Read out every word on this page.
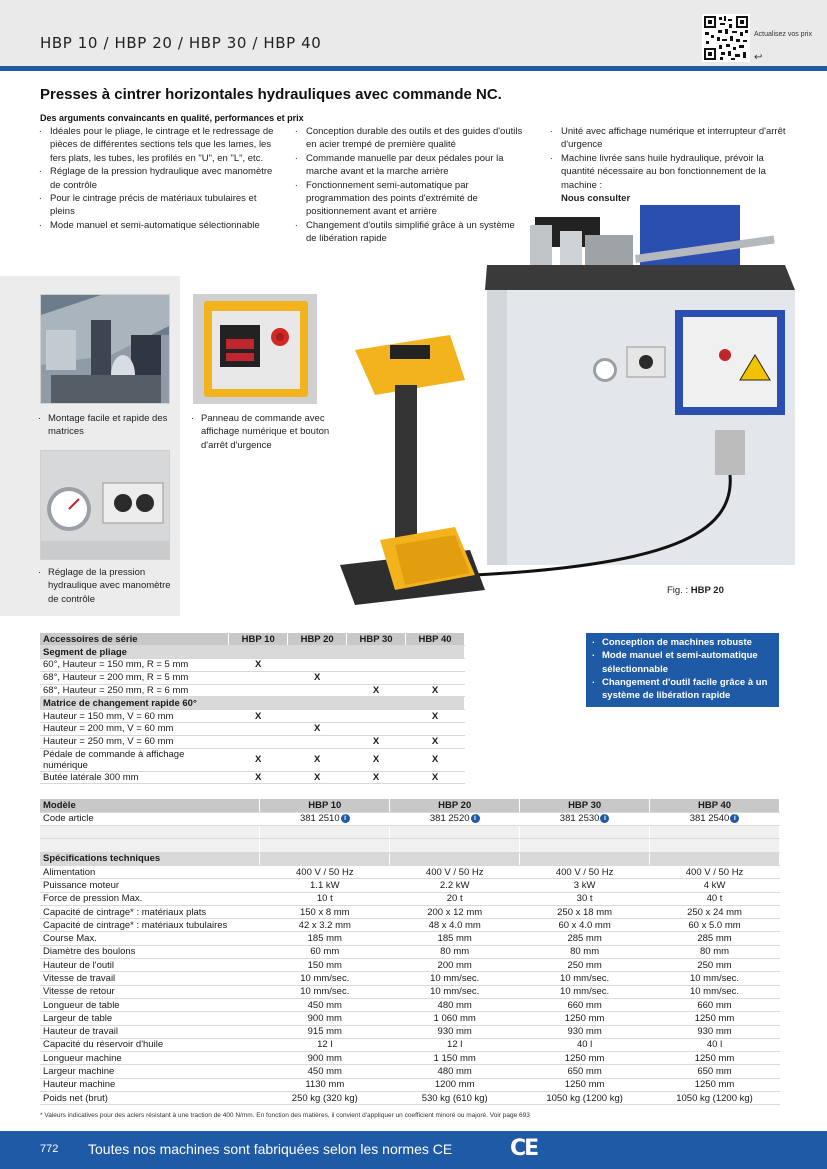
HBP 10 / HBP 20 / HBP 30 / HBP 40	Actualisez vos prix
↩
Presses à cintrer horizontales hydrauliques avec commande NC.
Des arguments convaincants en qualité, performances et prix
. Idéales pour le pliage, le cintrage et le redressage de pièces de différentes sections tels que les lames, les fers plats, les tubes, les profilés en "U", en "L", etc.
. Réglage de la pression hydraulique avec manomètre de contrôle
. Pour le cintrage précis de matériaux tubulaires et pleins
. Mode manuel et semi-automatique sélectionnable
. Conception durable des outils et des guides d'outils en acier trempé de première qualité
. Commande manuelle par deux pédales pour la marche avant et la marche arrière
. Fonctionnement semi-automatique par programmation des points d'extrémité de positionnement avant et arrière
. Changement d'outils simplifié grâce à un système de libération rapide
. Unité avec affichage numérique et interrupteur d'arrêt d'urgence
. Machine livrée sans huile hydraulique, prévoir la quantité nécessaire au bon fonctionnement de la machine :
Nous consulter
· Montage facile et rapide des matrices
· Panneau de commande avec affichage numérique et bouton d'arrêt d'urgence
· Réglage de la pression hydraulique avec manomètre de contrôle
Fig. : HBP 20
Accessoires de série	HBP 10	HBP 20	HBP 30	HBP 40
Segment de pliage				
60°, Hauteur = 150 mm, R = 5 mm	X			
68°, Hauteur = 200 mm, R = 5 mm		X		
68°, Hauteur = 250 mm, R = 6 mm			X	X
Matrice de changement rapide 60°				
Hauteur = 150 mm, V = 60 mm	X			X
Hauteur = 200 mm, V = 60 mm		X		
Hauteur = 250 mm, V = 60 mm			X	X
Pédale de commande à affichage numérique	X	X	X	X
Butée latérale 300 mm	X	X	X	X
. Conception de machines robuste
. Mode manuel et semi-automatique sélectionnable
. Changement d'outil facile grâce à un système de libération rapide
Modèle	HBP 10	HBP 20	HBP 30	HBP 40
Code article	381 2510 i	381 2520 i	381 2530 i	381 2540 i

Spécifications techniques				
Alimentation	400 V / 50 Hz	400 V / 50 Hz	400 V / 50 Hz	400 V / 50 Hz
Puissance moteur	1.1 kW	2.2 kW	3 kW	4 kW
Force de pression Max.	10 t	20 t	30 t	40 t
Capacité de cintrage* : matériaux plats	150 x 8 mm	200 x 12 mm	250 x 18 mm	250 x 24 mm
Capacité de cintrage* : matériaux tubulaires	42 x 3.2 mm	48 x 4.0 mm	60 x 4.0 mm	60 x 5.0 mm
Course Max.	185 mm	185 mm	285 mm	285 mm
Diamètre des boulons	60 mm	80 mm	80 mm	80 mm
Hauteur de l'outil	150 mm	200 mm	250 mm	250 mm
Vitesse de travail	10 mm/sec.	10 mm/sec.	10 mm/sec.	10 mm/sec.
Vitesse de retour	10 mm/sec.	10 mm/sec.	10 mm/sec.	10 mm/sec.
Longueur de table	450 mm	480 mm	660 mm	660 mm
Largeur de table	900 mm	1 060 mm	1250 mm	1250 mm
Hauteur de travail	915 mm	930 mm	930 mm	930 mm
Capacité du réservoir d'huile	12 l	12 l	40 l	40 l
Longueur machine	900 mm	1 150 mm	1250 mm	1250 mm
Largeur machine	450 mm	480 mm	650 mm	650 mm
Hauteur machine	1130 mm	1200 mm	1250 mm	1250 mm
Poids net (brut)	250 kg (320 kg)	530 kg (610 kg)	1050 kg (1200 kg)	1050 kg (1200 kg)
* Valeurs indicatives pour des aciers résistant à une traction de 400 N/mm. En fonction des matières, il convient d'appliquer un coefficient minoré ou majoré. Voir page 693
772 Toutes nos machines sont fabriquées selon les normes CE	CE
